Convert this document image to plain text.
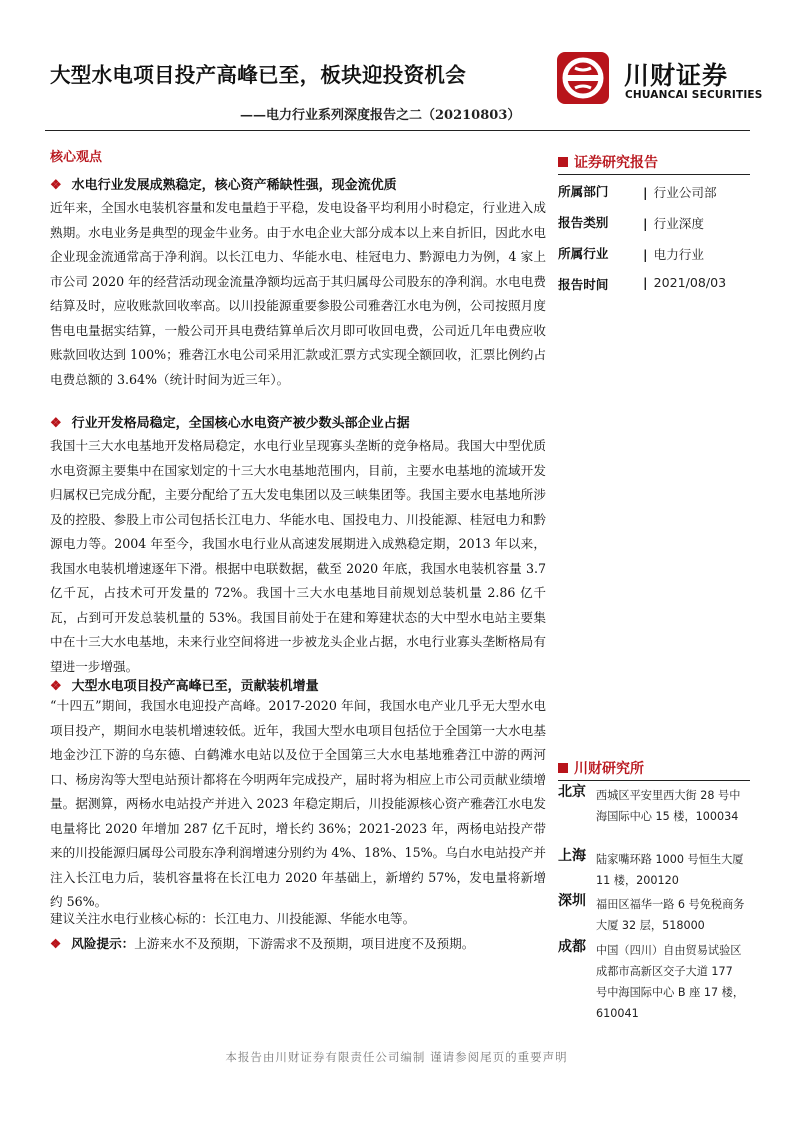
大型水电项目投产高峰已至，板块迎投资机会
——电力行业系列深度报告之二（20210803）
川财证券
CHUANCAI SECURITIES
核心观点
❖ 水电行业发展成熟稳定，核心资产稀缺性强，现金流优质
近年来，全国水电装机容量和发电量趋于平稳，发电设备平均利用小时稳定，行业进入成熟期。水电业务是典型的现金牛业务。由于水电企业大部分成本以上来自折旧，因此水电企业现金流通常高于净利润。以长江电力、华能水电、桂冠电力、黔源电力为例，4 家上市公司 2020 年的经营活动现金流量净额均远高于其归属母公司股东的净利润。水电电费结算及时，应收账款回收率高。以川投能源重要参股公司雅砻江水电为例，公司按照月度售电电量据实结算，一般公司开具电费结算单后次月即可收回电费，公司近几年电费应收账款回收达到 100%；雅砻江水电公司采用汇款或汇票方式实现全额回收，汇票比例约占电费总额的 3.64%（统计时间为近三年）。
❖ 行业开发格局稳定，全国核心水电资产被少数头部企业占据
我国十三大水电基地开发格局稳定，水电行业呈现寡头垄断的竞争格局。我国大中型优质水电资源主要集中在国家划定的十三大水电基地范围内，目前，主要水电基地的流域开发归属权已完成分配，主要分配给了五大发电集团以及三峡集团等。我国主要水电基地所涉及的控股、参股上市公司包括长江电力、华能水电、国投电力、川投能源、桂冠电力和黔源电力等。2004 年至今，我国水电行业从高速发展期进入成熟稳定期，2013 年以来，我国水电装机增速逐年下滑。根据中电联数据，截至 2020 年底，我国水电装机容量 3.7 亿千瓦，占技术可开发量的 72%。我国十三大水电基地目前规划总装机量 2.86 亿千瓦，占到可开发总装机量的 53%。我国目前处于在建和筹建状态的大中型水电站主要集中在十三大水电基地，未来行业空间将进一步被龙头企业占据，水电行业寡头垄断格局有望进一步增强。
❖ 大型水电项目投产高峰已至，贡献装机增量
“十四五”期间，我国水电迎投产高峰。2017-2020 年间，我国水电产业几乎无大型水电项目投产，期间水电装机增速较低。近年，我国大型水电项目包括位于全国第一大水电基地金沙江下游的乌东德、白鹤滩水电站以及位于全国第三大水电基地雅砻江中游的两河口、杨房沟等大型电站预计都将在今明两年完成投产，届时将为相应上市公司贡献业绩增量。据测算，两杨水电站投产并进入 2023 年稳定期后，川投能源核心资产雅砻江水电发电量将比 2020 年增加 287 亿千瓦时，增长约 36%；2021-2023 年，两杨电站投产带来的川投能源归属母公司股东净利润增速分别约为 4%、18%、15%。乌白水电站投产并注入长江电力后，装机容量将在长江电力 2020 年基础上，新增约 57%，发电量将新增约 56%。
建议关注水电行业核心标的：长江电力、川投能源、华能水电等。
❖ 风险提示：上游来水不及预期，下游需求不及预期，项目进度不及预期。
证券研究报告
所属部门	| 行业公司部
报告类别	| 行业深度
所属行业	| 电力行业
报告时间	| 2021/08/03
川财研究所
北京 西城区平安里西大街 28 号中海国际中心 15 楼，100034
上海 陆家嘴环路 1000 号恒生大厦 11 楼，200120
深圳 福田区福华一路 6 号免税商务大厦 32 层，518000
成都 中国（四川）自由贸易试验区成都市高新区交子大道 177 号中海国际中心 B 座 17 楼，610041
本报告由川财证券有限责任公司编制 谨请参阅尾页的重要声明
